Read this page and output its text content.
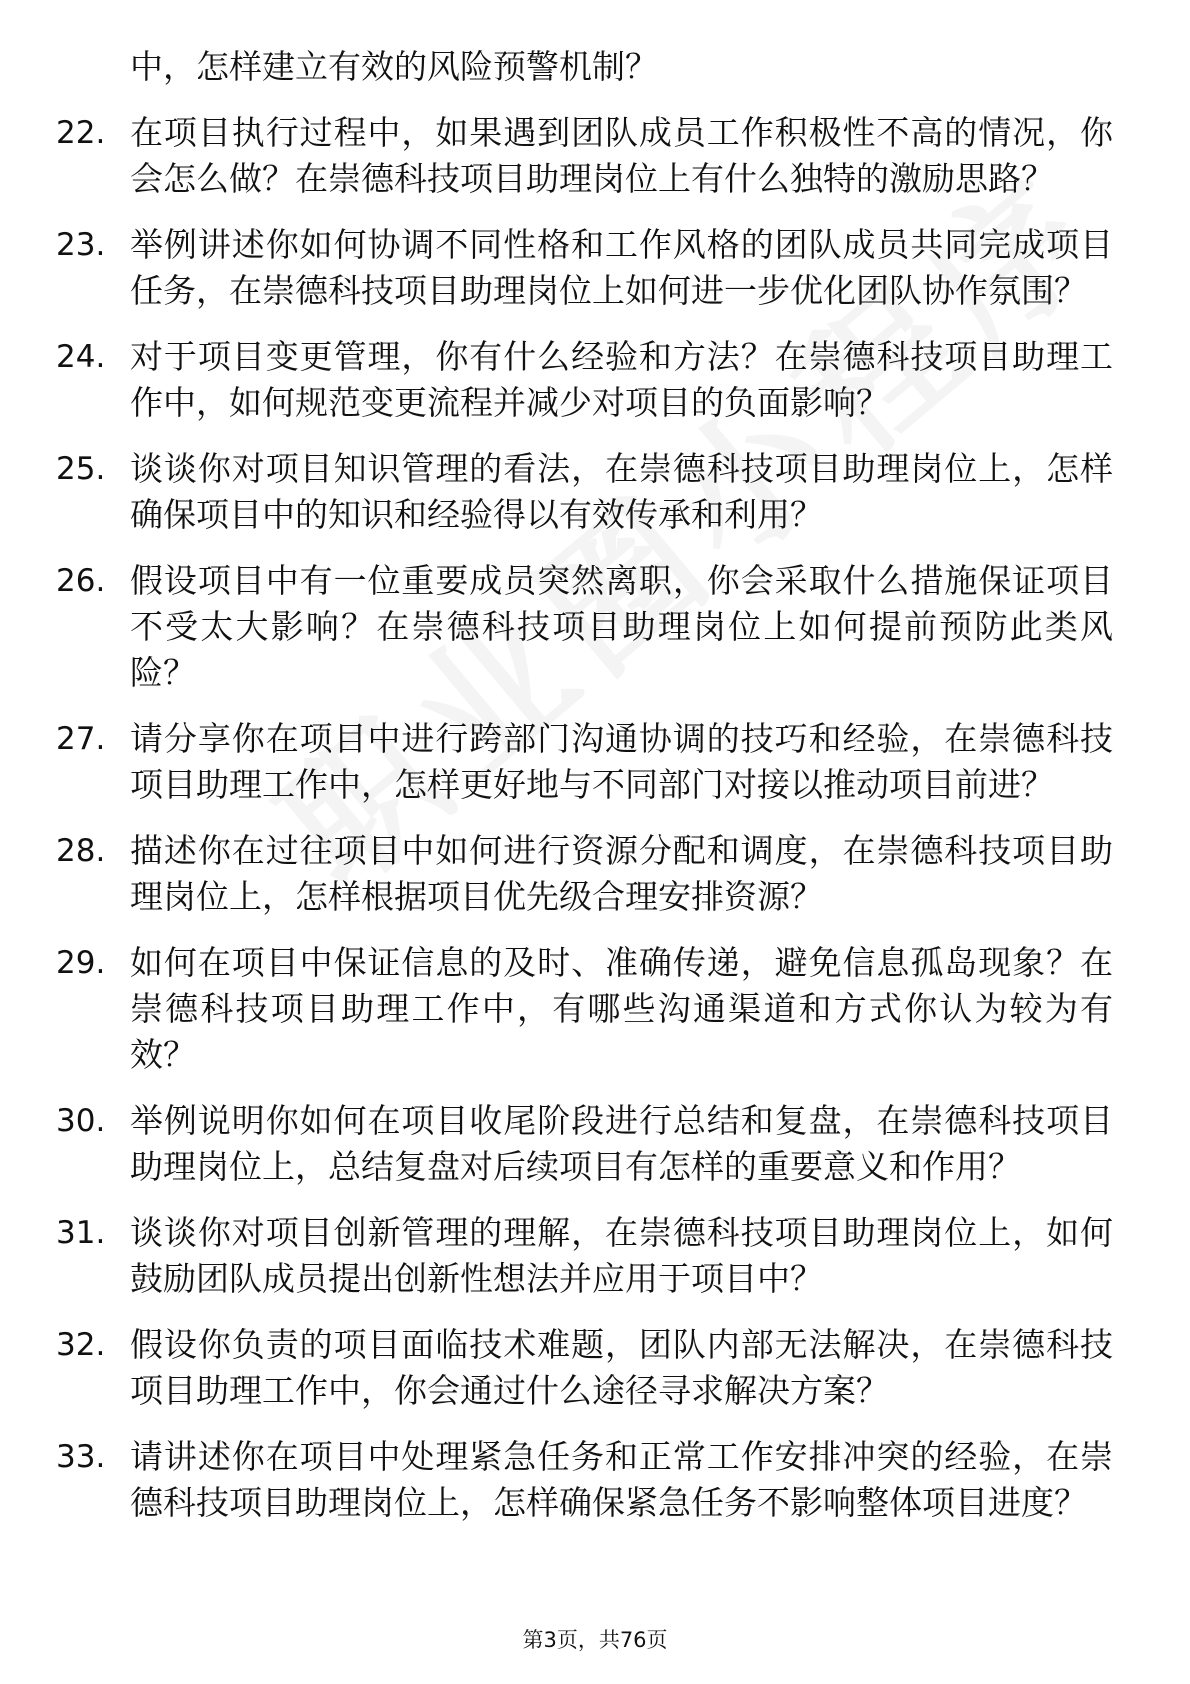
中，怎样建立有效的风险预警机制？
22. 在项目执行过程中，如果遇到团队成员工作积极性不高的情况，你会怎么做？在崇德科技项目助理岗位上有什么独特的激励思路？
23. 举例讲述你如何协调不同性格和工作风格的团队成员共同完成项目任务，在崇德科技项目助理岗位上如何进一步优化团队协作氛围？
24. 对于项目变更管理，你有什么经验和方法？在崇德科技项目助理工作中，如何规范变更流程并减少对项目的负面影响？
25. 谈谈你对项目知识管理的看法，在崇德科技项目助理岗位上，怎样确保项目中的知识和经验得以有效传承和利用？
26. 假设项目中有一位重要成员突然离职，你会采取什么措施保证项目不受太大影响？在崇德科技项目助理岗位上如何提前预防此类风险？
27. 请分享你在项目中进行跨部门沟通协调的技巧和经验，在崇德科技项目助理工作中，怎样更好地与不同部门对接以推动项目前进？
28. 描述你在过往项目中如何进行资源分配和调度，在崇德科技项目助理岗位上，怎样根据项目优先级合理安排资源？
29. 如何在项目中保证信息的及时、准确传递，避免信息孤岛现象？在崇德科技项目助理工作中，有哪些沟通渠道和方式你认为较为有效？
30. 举例说明你如何在项目收尾阶段进行总结和复盘，在崇德科技项目助理岗位上，总结复盘对后续项目有怎样的重要意义和作用？
31. 谈谈你对项目创新管理的理解，在崇德科技项目助理岗位上，如何鼓励团队成员提出创新性想法并应用于项目中？
32. 假设你负责的项目面临技术难题，团队内部无法解决，在崇德科技项目助理工作中，你会通过什么途径寻求解决方案？
33. 请讲述你在项目中处理紧急任务和正常工作安排冲突的经验，在崇德科技项目助理岗位上，怎样确保紧急任务不影响整体项目进度？
第3页，共76页
